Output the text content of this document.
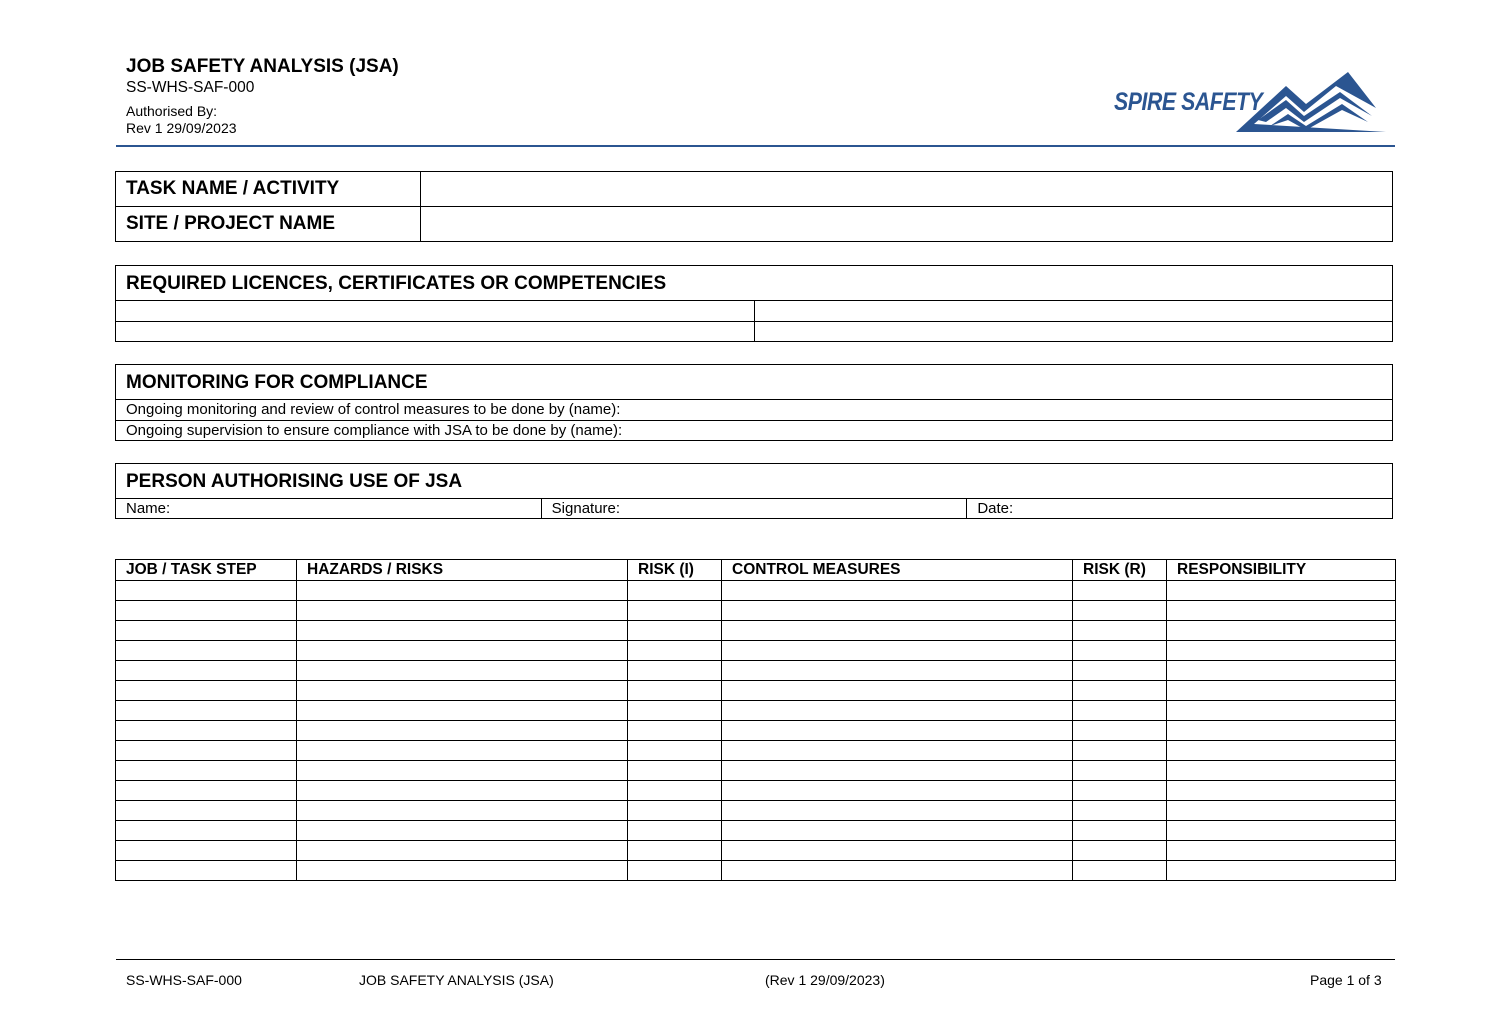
JOB SAFETY ANALYSIS (JSA)
SS-WHS-SAF-000
Authorised By:
Rev 1 29/09/2023
SPIRE SAFETY
TASK NAME / ACTIVITY	
SITE / PROJECT NAME	
REQUIRED LICENCES, CERTIFICATES OR COMPETENCIES
MONITORING FOR COMPLIANCE
Ongoing monitoring and review of control measures to be done by (name):
Ongoing supervision to ensure compliance with JSA to be done by (name):
PERSON AUTHORISING USE OF JSA
Name:	Signature:	Date:
JOB / TASK STEP	HAZARDS / RISKS	RISK (I)	CONTROL MEASURES	RISK (R)	RESPONSIBILITY

SS-WHS-SAF-000	JOB SAFETY ANALYSIS (JSA)	(Rev 1 29/09/2023)	Page 1 of 3
